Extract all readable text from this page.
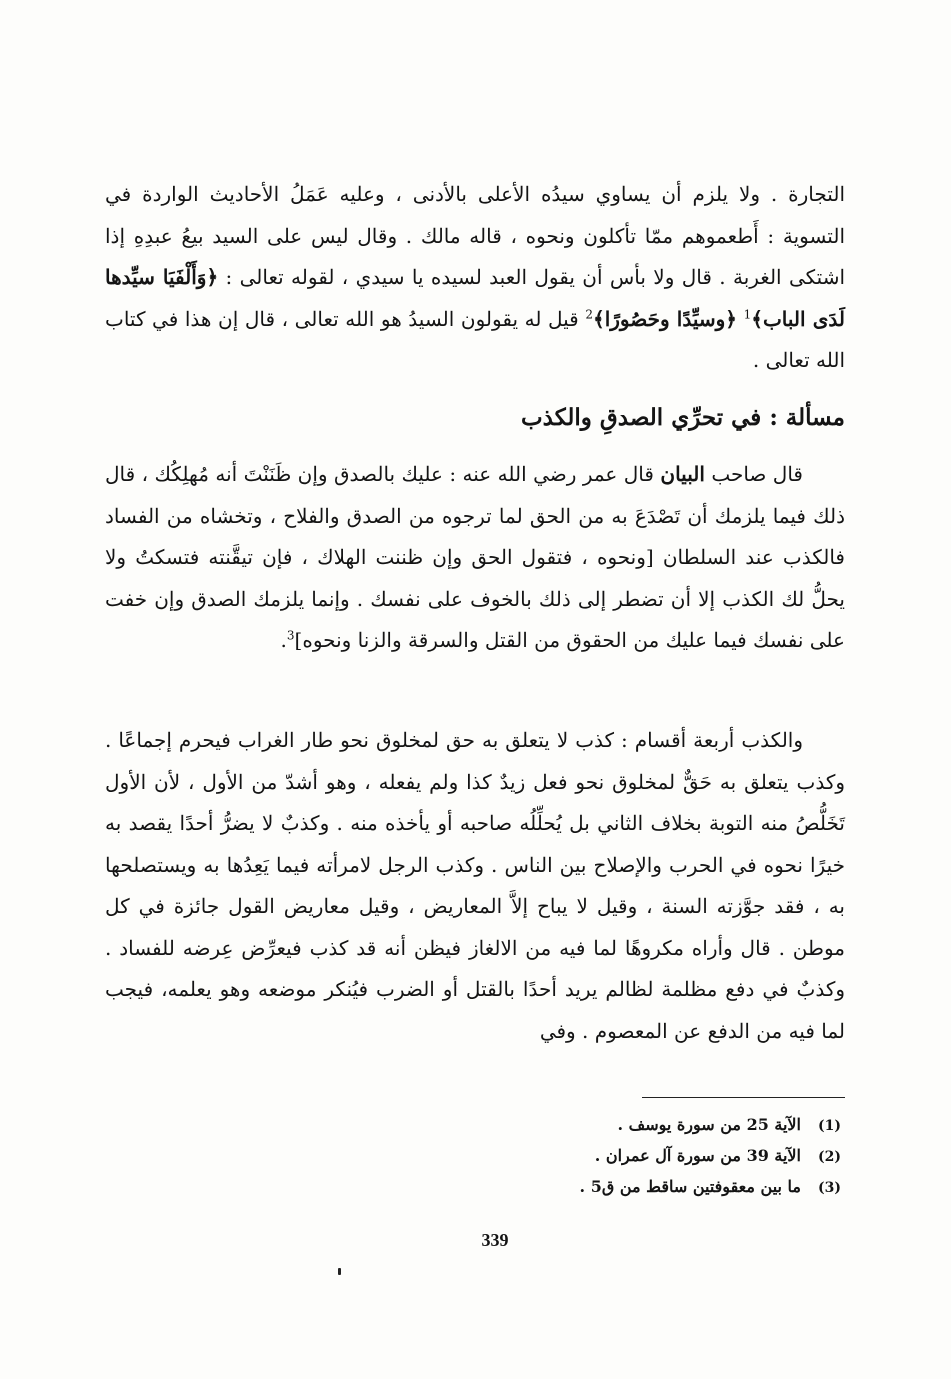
التجارة . ولا يلزم أن يساوي سيدُه الأعلى بالأدنى ، وعليه عَمَلُ الأحاديث الواردة في التسوية : أَطعموهم ممّا تأكلون ونحوه ، قاله مالك . وقال ليس على السيد بيعُ عبدِهِ إذا اشتكى الغربة . قال ولا بأس أن يقول العبد لسيده يا سيدي ، لقوله تعالى : ﴿وَأَلْفَيَا سيِّدها لَدَى الباب﴾$^1$ ﴿وسيِّدًا وحَصُورًا﴾$^2$ قيل له يقولون السيدُ هو الله تعالى ، قال إن هذا في كتاب الله تعالى .

مسألة : في تحرِّي الصدقِ والكذب

قال صاحب البيان قال عمر رضي الله عنه : عليك بالصدق وإن ظَنَنْتَ أنه مُهلِكُك ، قال ذلك فيما يلزمك أن تَصْدَعَ به من الحق لما ترجوه من الصدق والفلاح ، وتخشاه من الفساد فالكذب عند السلطان [ونحوه ، فتقول الحق وإن ظننت الهلاك ، فإن تيقَّنته فتسكتُ ولا يحلُّ لك الكذب إلا أن تضطر إلى ذلك بالخوف على نفسك . وإنما يلزمك الصدق وإن خفت على نفسك فيما عليك من الحقوق من القتل والسرقة والزنا ونحوه]$^3$.

والكذب أربعة أقسام : كذب لا يتعلق به حق لمخلوق نحو طار الغراب فيحرم إجماعًا . وكذب يتعلق به حَقٌّ لمخلوق نحو فعل زيدٌ كذا ولم يفعله ، وهو أشدّ من الأول ، لأن الأول تَخَلُّصُ منه التوبة بخلاف الثاني بل يُحلِّلُه صاحبه أو يأخذه منه . وكذبٌ لا يضرُّ أحدًا يقصد به خيرًا نحوه في الحرب والإصلاح بين الناس . وكذب الرجل لامرأته فيما يَعِدُها به ويستصلحها به ، فقد جوَّزته السنة ، وقيل لا يباح إلاَّ المعاريض ، وقيل معاريض القول جائزة في كل موطن . قال وأراه مكروهًا لما فيه من الالغاز فيظن أنه قد كذب فيعرِّض عِرضه للفساد . وكذبٌ في دفع مظلمة لظالم يريد أحدًا بالقتل أو الضرب فيُنكر موضعه وهو يعلمه، فيجب لما فيه من الدفع عن المعصوم . وفي

(1)
الآية 25 من سورة يوسف .
(2)
الآية 39 من سورة آل عمران .
(3)
ما بين معقوفتين ساقط من ق5 .
339
